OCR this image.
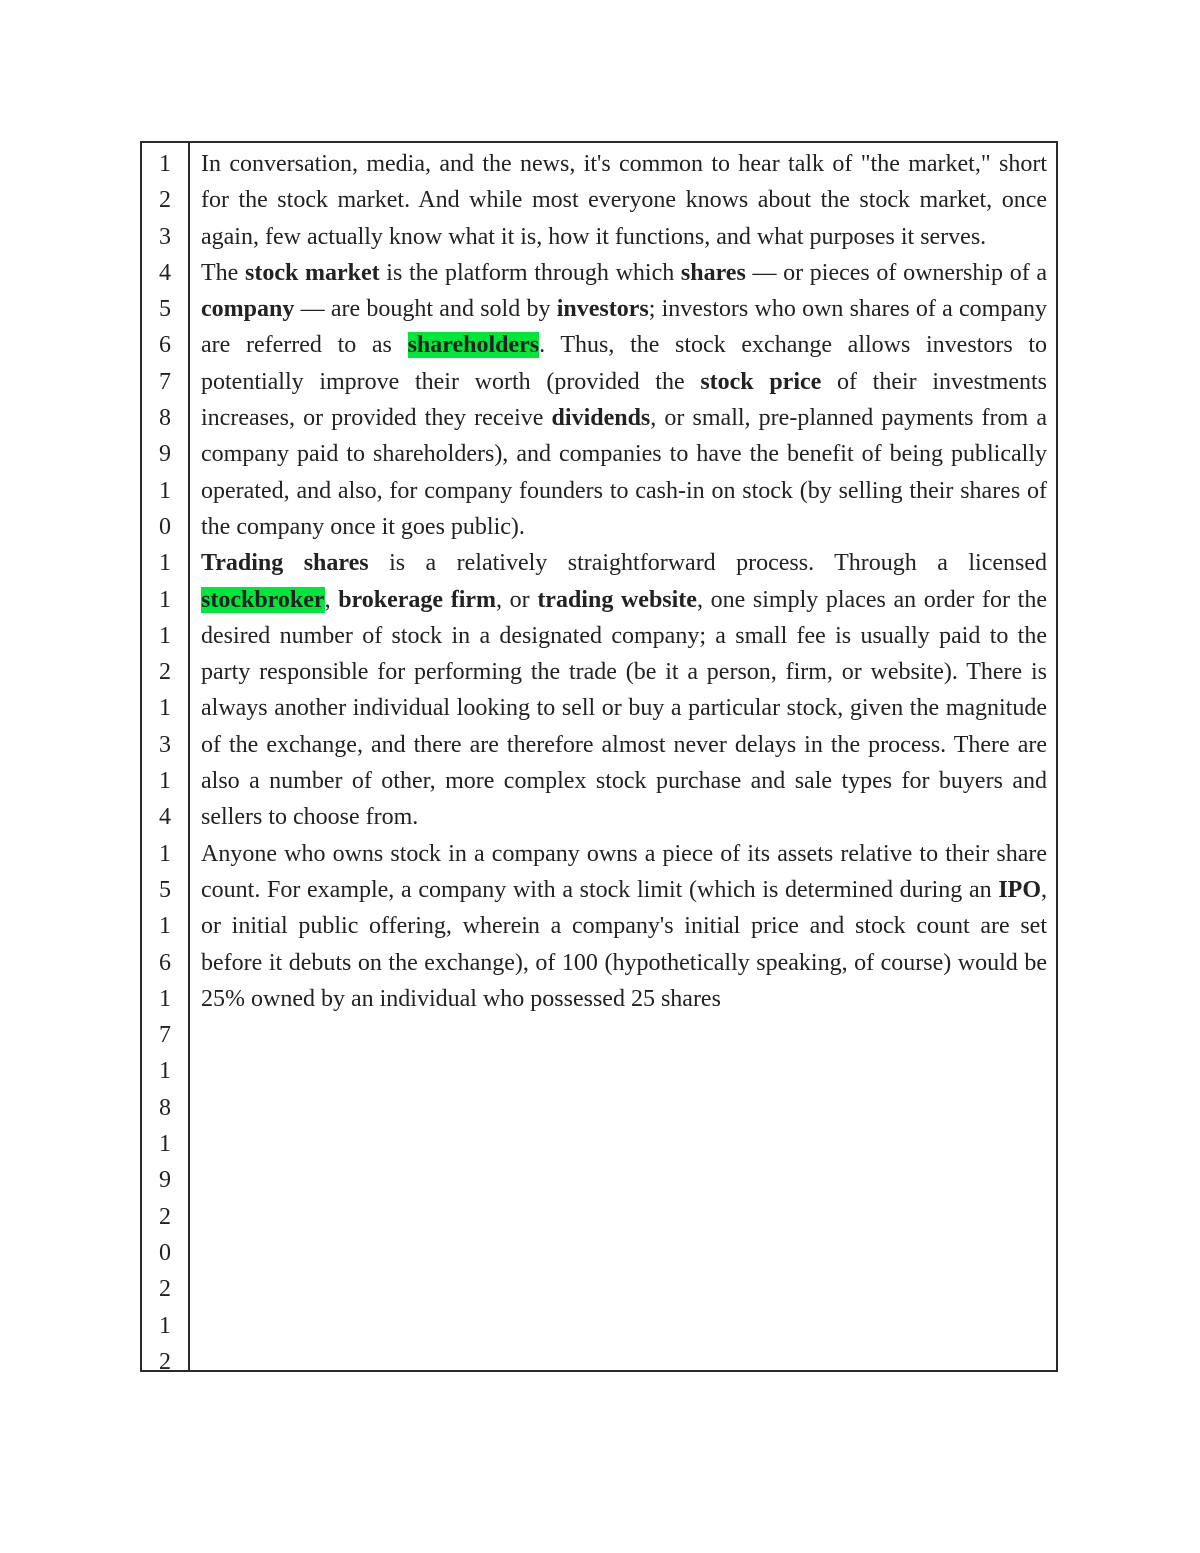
1
2
3
4
5
6
7
8
9
1
0
1
1
1
2
1
3
1
4
1
5
1
6
1
7
1
8
1
9
2
0
2
1
2

In conversation, media, and the news, it's common to hear talk of "the market," short for the stock market. And while most everyone knows about the stock market, once again, few actually know what it is, how it functions, and what purposes it serves.

The stock market is the platform through which shares — or pieces of ownership of a company — are bought and sold by investors; investors who own shares of a company are referred to as shareholders. Thus, the stock exchange allows investors to potentially improve their worth (provided the stock price of their investments increases, or provided they receive dividends, or small, pre-planned payments from a company paid to shareholders), and companies to have the benefit of being publically operated, and also, for company founders to cash-in on stock (by selling their shares of the company once it goes public).

Trading shares is a relatively straightforward process. Through a licensed stockbroker, brokerage firm, or trading website, one simply places an order for the desired number of stock in a designated company; a small fee is usually paid to the party responsible for performing the trade (be it a person, firm, or website). There is always another individual looking to sell or buy a particular stock, given the magnitude of the exchange, and there are therefore almost never delays in the process. There are also a number of other, more complex stock purchase and sale types for buyers and sellers to choose from.

Anyone who owns stock in a company owns a piece of its assets relative to their share count. For example, a company with a stock limit (which is determined during an IPO, or initial public offering, wherein a company's initial price and stock count are set before it debuts on the exchange), of 100 (hypothetically speaking, of course) would be 25% owned by an individual who possessed 25 shares
